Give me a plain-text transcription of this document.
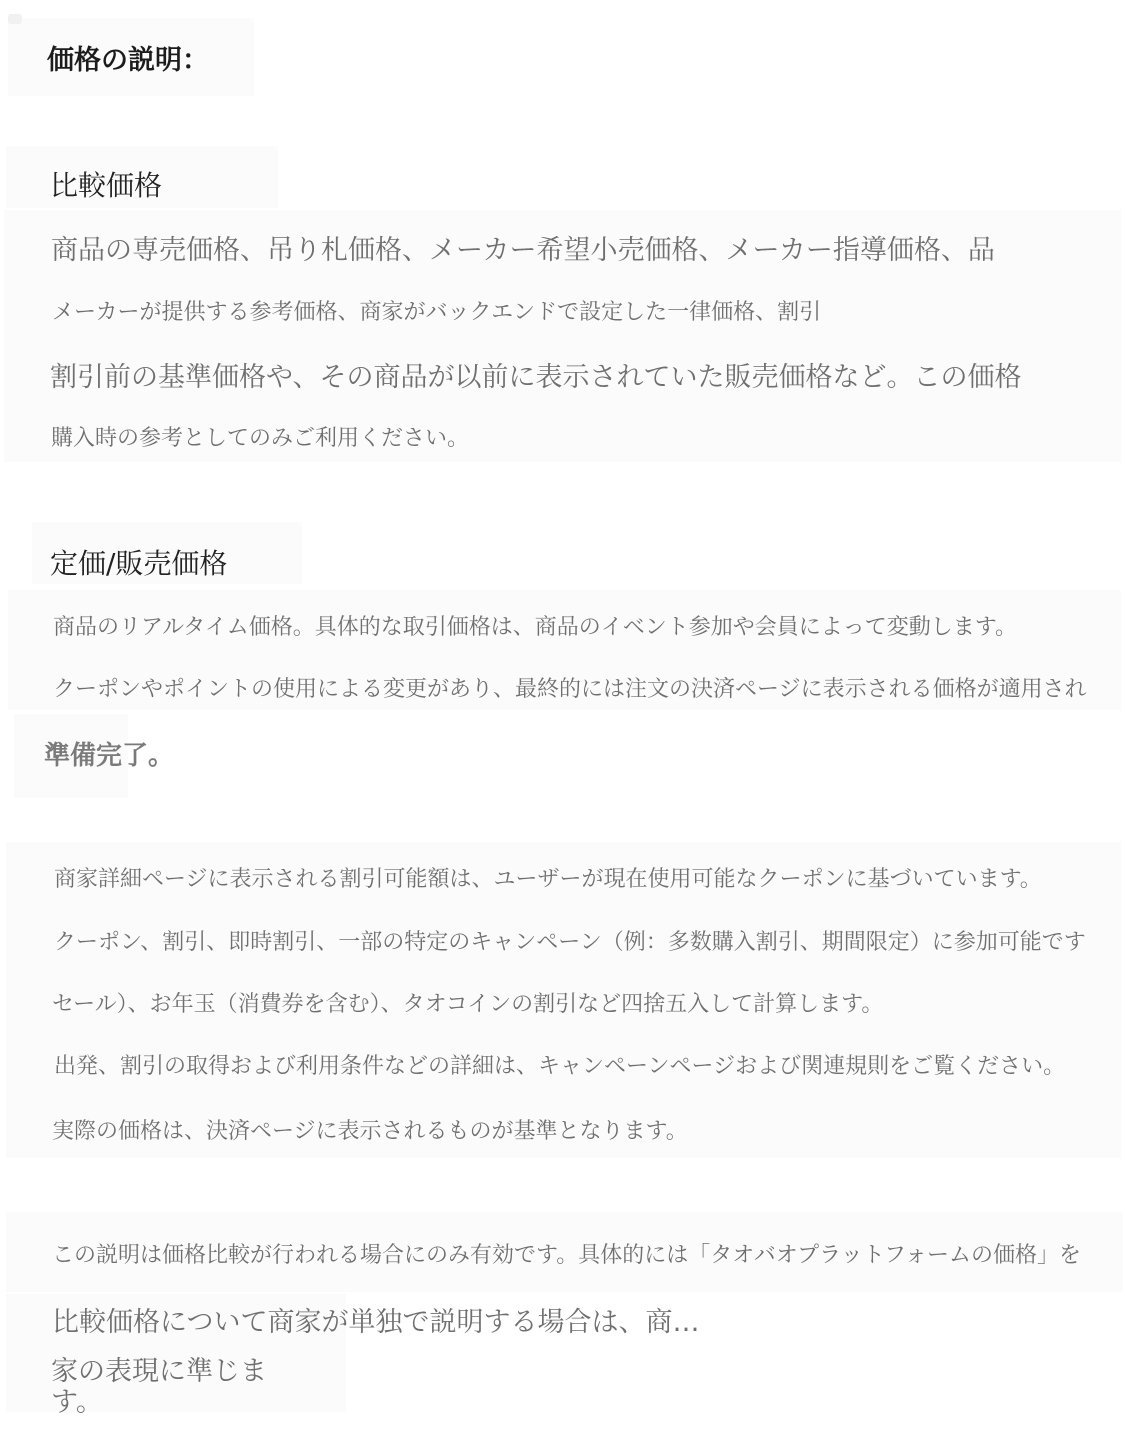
価格の説明：
比較価格
商品の専売価格、吊り札価格、メーカー希望小売価格、メーカー指導価格、品
メーカーが提供する参考価格、商家がバックエンドで設定した一律価格、割引
割引前の基準価格や、その商品が以前に表示されていた販売価格など。この価格
購入時の参考としてのみご利用ください。
定価/販売価格
商品のリアルタイム価格。具体的な取引価格は、商品のイベント参加や会員によって変動します。
クーポンやポイントの使用による変更があり、最終的には注文の決済ページに表示される価格が適用され
準備完了。
商家詳細ページに表示される割引可能額は、ユーザーが現在使用可能なクーポンに基づいています。
クーポン、割引、即時割引、一部の特定のキャンペーン（例：多数購入割引、期間限定）に参加可能です
セール）、お年玉（消費券を含む）、タオコインの割引など四捨五入して計算します。
出発、割引の取得および利用条件などの詳細は、キャンペーンページおよび関連規則をご覧ください。
実際の価格は、決済ページに表示されるものが基準となります。
この説明は価格比較が行われる場合にのみ有効です。具体的には「タオバオプラットフォームの価格」を
比較価格について商家が単独で説明する場合は、商…
家の表現に準じま
す。
